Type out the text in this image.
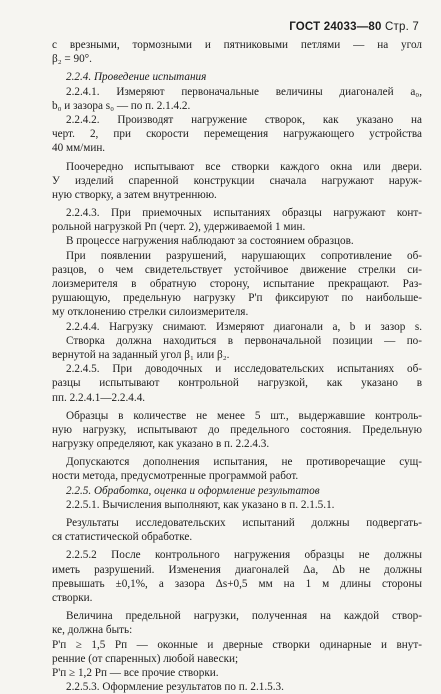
ГОСТ 24033—80 Стр. 7
с врезными, тормозными и пятниковыми петлями — на угол
β₂ = 90°.
2.2.4. Проведение испытания
2.2.4.1. Измеряют первоначальные величины диагоналей a₀,
b₀ и зазора s₀ — по п. 2.1.4.2.
2.2.4.2. Производят нагружение створок, как указано на
черт. 2, при скорости перемещения нагружающего устройства
40 мм/мин.
Поочередно испытывают все створки каждого окна или двери.
У изделий спаренной конструкции сначала нагружают наруж-
ную створку, а затем внутреннюю.
2.2.4.3. При приемочных испытаниях образцы нагружают конт-
рольной нагрузкой Pп (черт. 2), удерживаемой 1 мин.
В процессе нагружения наблюдают за состоянием образцов.
При появлении разрушений, нарушающих сопротивление об-
разцов, о чем свидетельствует устойчивое движение стрелки си-
лоизмерителя в обратную сторону, испытание прекращают. Раз-
рушающую, предельную нагрузку P'п фиксируют по наибольше-
му отклонению стрелки силоизмерителя.
2.2.4.4. Нагрузку снимают. Измеряют диагонали a, b и зазор s.
Створка должна находиться в первоначальной позиции — по-
вернутой на заданный угол β₁ или β₂.
2.2.4.5. При доводочных и исследовательских испытаниях об-
разцы испытывают контрольной нагрузкой, как указано в
пп. 2.2.4.1—2.2.4.4.
Образцы в количестве не менее 5 шт., выдержавшие контроль-
ную нагрузку, испытывают до предельного состояния. Предельную
нагрузку определяют, как указано в п. 2.2.4.3.
Допускаются дополнения испытания, не противоречащие сущ-
ности метода, предусмотренные программой работ.
2.2.5. Обработка, оценка и оформление результатов
2.2.5.1. Вычисления выполняют, как указано в п. 2.1.5.1.
Результаты исследовательских испытаний должны подвергать-
ся статистической обработке.
2.2.5.2 После контрольного нагружения образцы не должны
иметь разрушений. Изменения диагоналей Δa, Δb не должны
превышать ±0,1%, а зазора Δs+0,5 мм на 1 м длины стороны
створки.
Величина предельной нагрузки, полученная на каждой створ-
ке, должна быть:
P'п ≥ 1,5 Pп — оконные и дверные створки одинарные и внут-
ренние (от спаренных) любой навески;
P'п ≥ 1,2 Pп — все прочие створки.
2.2.5.3. Оформление результатов по п. 2.1.5.3.
